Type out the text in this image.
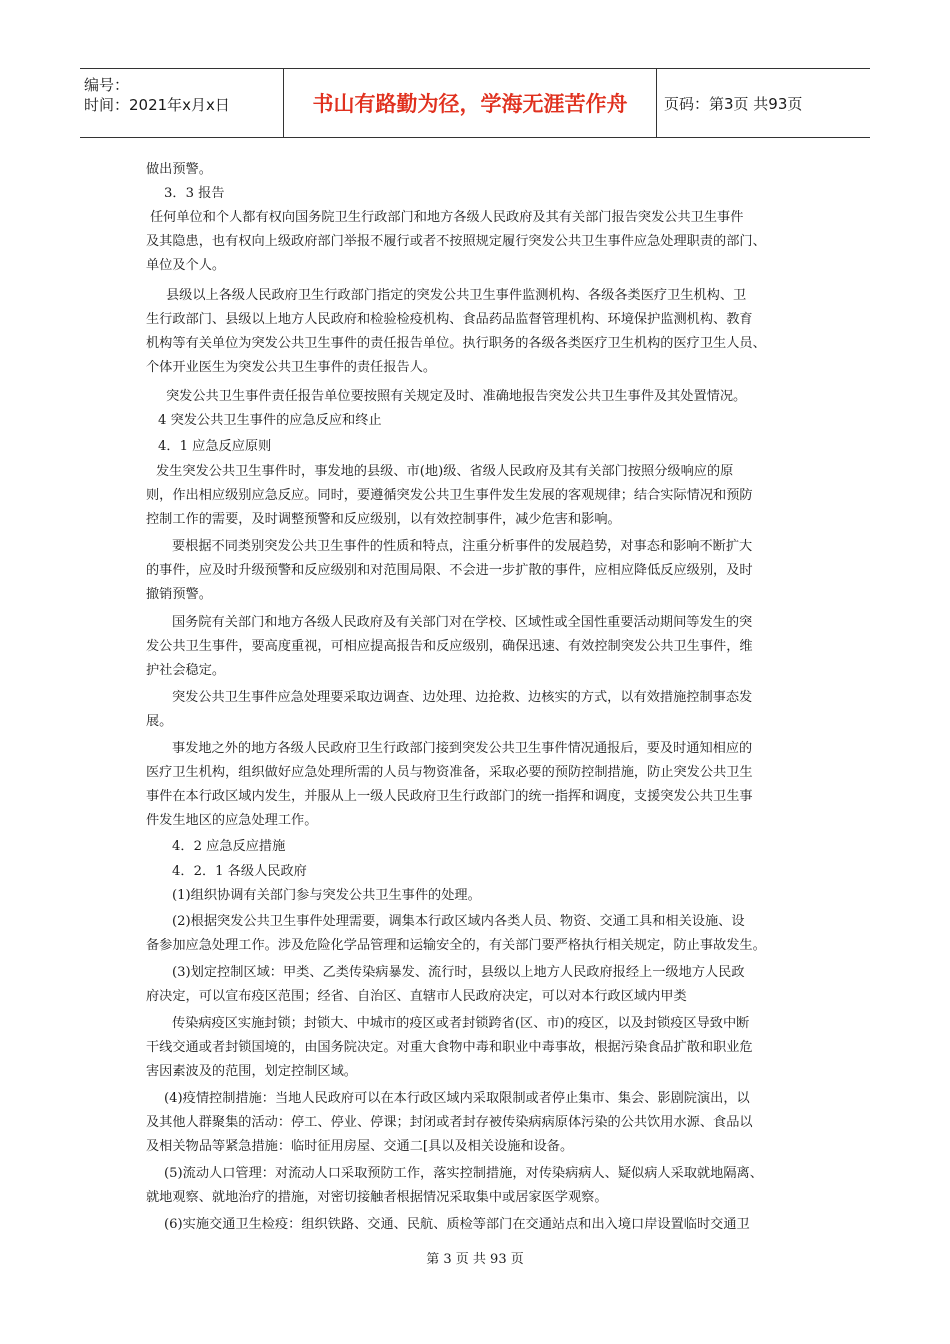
编号：
时间：2021年x月x日	书山有路勤为径，学海无涯苦作舟	页码：第3页 共93页
做出预警。
3．3 报告
任何单位和个人都有权向国务院卫生行政部门和地方各级人民政府及其有关部门报告突发公共卫生事件
及其隐患，也有权向上级政府部门举报不履行或者不按照规定履行突发公共卫生事件应急处理职责的部门、
单位及个人。
县级以上各级人民政府卫生行政部门指定的突发公共卫生事件监测机构、各级各类医疗卫生机构、卫
生行政部门、县级以上地方人民政府和检验检疫机构、食品药品监督管理机构、环境保护监测机构、教育
机构等有关单位为突发公共卫生事件的责任报告单位。执行职务的各级各类医疗卫生机构的医疗卫生人员、
个体开业医生为突发公共卫生事件的责任报告人。
突发公共卫生事件责任报告单位要按照有关规定及时、准确地报告突发公共卫生事件及其处置情况。
4 突发公共卫生事件的应急反应和终止
4．1 应急反应原则
发生突发公共卫生事件时，事发地的县级、市(地)级、省级人民政府及其有关部门按照分级响应的原
则，作出相应级别应急反应。同时，要遵循突发公共卫生事件发生发展的客观规律；结合实际情况和预防
控制工作的需要，及时调整预警和反应级别，以有效控制事件，减少危害和影响。
要根据不同类别突发公共卫生事件的性质和特点，注重分析事件的发展趋势，对事态和影响不断扩大
的事件，应及时升级预警和反应级别和对范围局限、不会进一步扩散的事件，应相应降低反应级别，及时
撤销预警。
国务院有关部门和地方各级人民政府及有关部门对在学校、区域性或全国性重要活动期间等发生的突
发公共卫生事件，要高度重视，可相应提高报告和反应级别，确保迅速、有效控制突发公共卫生事件，维
护社会稳定。
突发公共卫生事件应急处理要采取边调查、边处理、边抢救、边核实的方式，以有效措施控制事态发
展。
事发地之外的地方各级人民政府卫生行政部门接到突发公共卫生事件情况通报后，要及时通知相应的
医疗卫生机构，组织做好应急处理所需的人员与物资准备，采取必要的预防控制措施，防止突发公共卫生
事件在本行政区域内发生，并服从上一级人民政府卫生行政部门的统一指挥和调度，支援突发公共卫生事
件发生地区的应急处理工作。
4．2 应急反应措施
4．2．1 各级人民政府
(1)组织协调有关部门参与突发公共卫生事件的处理。
(2)根据突发公共卫生事件处理需要，调集本行政区域内各类人员、物资、交通工具和相关设施、设
备参加应急处理工作。涉及危险化学品管理和运输安全的，有关部门要严格执行相关规定，防止事故发生。
(3)划定控制区域：甲类、乙类传染病暴发、流行时，县级以上地方人民政府报经上一级地方人民政
府决定，可以宣布疫区范围；经省、自治区、直辖市人民政府决定，可以对本行政区域内甲类
传染病疫区实施封锁；封锁大、中城市的疫区或者封锁跨省(区、市)的疫区，以及封锁疫区导致中断
干线交通或者封锁国境的，由国务院决定。对重大食物中毒和职业中毒事故，根据污染食品扩散和职业危
害因素波及的范围，划定控制区域。
(4)疫情控制措施：当地人民政府可以在本行政区域内采取限制或者停止集市、集会、影剧院演出，以
及其他人群聚集的活动：停工、停业、停课；封闭或者封存被传染病病原体污染的公共饮用水源、食品以
及相关物品等紧急措施：临时征用房屋、交通二[具以及相关设施和设备。
(5)流动人口管理：对流动人口采取预防工作，落实控制措施，对传染病病人、疑似病人采取就地隔离、
就地观察、就地治疗的措施，对密切接触者根据情况采取集中或居家医学观察。
(6)实施交通卫生检疫：组织铁路、交通、民航、质检等部门在交通站点和出入境口岸设置临时交通卫
第 3 页 共 93 页
